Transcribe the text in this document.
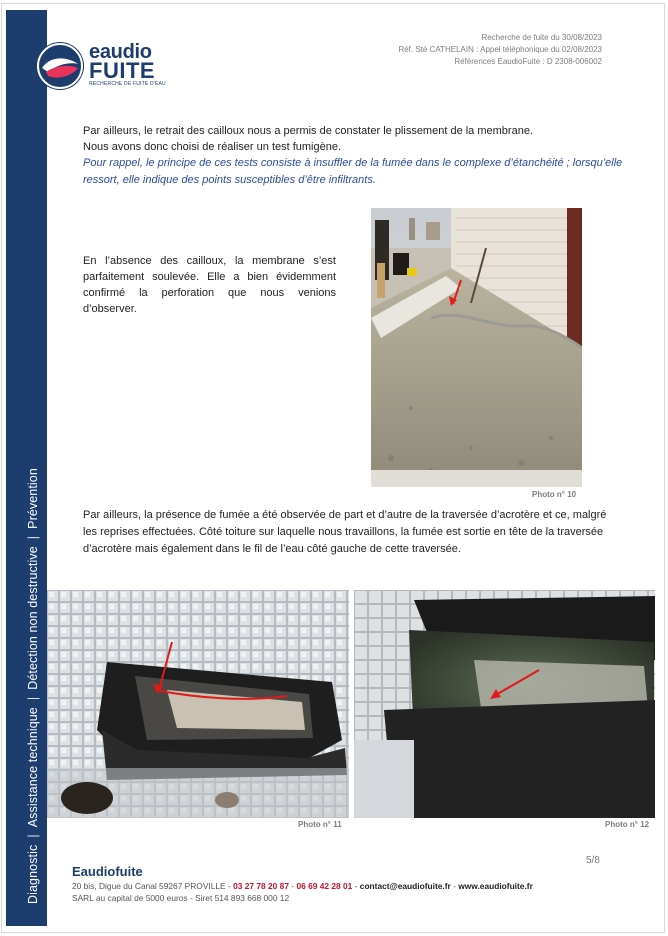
Diagnostic|Assistance technique|Détection non destructive|Prévention
eaudio
FUITE
RECHERCHE DE FUITE D'EAU
Recherche de fuite du 30/08/2023
Réf. Sté CATHELAIN : Appel téléphonique du 02/08/2023
Références EaudioFuite : D 2308-006002
Par ailleurs, le retrait des cailloux nous a permis de constater le plissement de la membrane.
Nous avons donc choisi de réaliser un test fumigène.
Pour rappel, le principe de ces tests consiste à insuffler de la fumée dans le complexe d’étanchéité ; lorsqu’elle ressort, elle indique des points susceptibles d’être infiltrants.
En l’absence des cailloux, la membrane s’est parfaitement soulevée. Elle a bien évidemment confirmé la perforation que nous venions d’observer.
Photo n° 10
Par ailleurs, la présence de fumée a été observée de part et d’autre de la traversée d’acrotère et ce, malgré les reprises effectuées. Côté toiture sur laquelle nous travaillons, la fumée est sortie en tête de la traversée d’acrotère mais également dans le fil de l’eau côté gauche de cette traversée.
Photo n° 11	Photo n° 12
5/8
Eaudiofuite
20 bis, Digue du Canal 59267 PROVILLE - 03 27 78 20 87 - 06 69 42 28 01 - contact@eaudiofuite.fr - www.eaudiofuite.fr
SARL au capital de 5000 euros - Siret 514 893 668 000 12
